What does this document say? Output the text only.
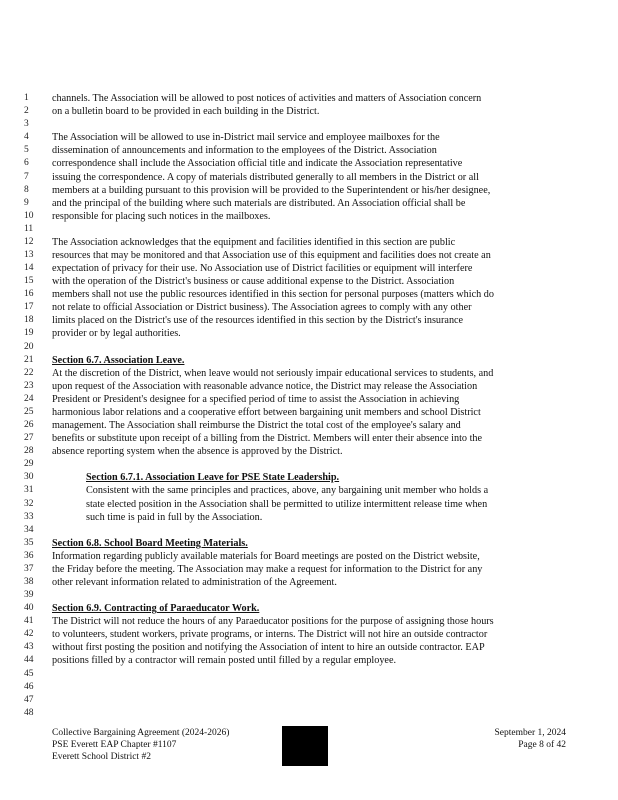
1	channels. The Association will be allowed to post notices of activities and matters of Association concern
2	on a bulletin board to be provided in each building in the District.
3
4	The Association will be allowed to use in-District mail service and employee mailboxes for the
5	dissemination of announcements and information to the employees of the District. Association
6	correspondence shall include the Association official title and indicate the Association representative
7	issuing the correspondence. A copy of materials distributed generally to all members in the District or all
8	members at a building pursuant to this provision will be provided to the Superintendent or his/her designee,
9	and the principal of the building where such materials are distributed. An Association official shall be
10	responsible for placing such notices in the mailboxes.
11
12	The Association acknowledges that the equipment and facilities identified in this section are public
13	resources that may be monitored and that Association use of this equipment and facilities does not create an
14	expectation of privacy for their use. No Association use of District facilities or equipment will interfere
15	with the operation of the District's business or cause additional expense to the District. Association
16	members shall not use the public resources identified in this section for personal purposes (matters which do
17	not relate to official Association or District business). The Association agrees to comply with any other
18	limits placed on the District's use of the resources identified in this section by the District's insurance
19	provider or by legal authorities.
20
21	Section 6.7. Association Leave.
22	At the discretion of the District, when leave would not seriously impair educational services to students, and
23	upon request of the Association with reasonable advance notice, the District may release the Association
24	President or President's designee for a specified period of time to assist the Association in achieving
25	harmonious labor relations and a cooperative effort between bargaining unit members and school District
26	management. The Association shall reimburse the District the total cost of the employee's salary and
27	benefits or substitute upon receipt of a billing from the District. Members will enter their absence into the
28	absence reporting system when the absence is approved by the District.
29
30	Section 6.7.1. Association Leave for PSE State Leadership.
31	Consistent with the same principles and practices, above, any bargaining unit member who holds a
32	state elected position in the Association shall be permitted to utilize intermittent release time when
33	such time is paid in full by the Association.
34
35	Section 6.8. School Board Meeting Materials.
36	Information regarding publicly available materials for Board meetings are posted on the District website,
37	the Friday before the meeting. The Association may make a request for information to the District for any
38	other relevant information related to administration of the Agreement.
39
40	Section 6.9. Contracting of Paraeducator Work.
41	The District will not reduce the hours of any Paraeducator positions for the purpose of assigning those hours
42	to volunteers, student workers, private programs, or interns. The District will not hire an outside contractor
43	without first posting the position and notifying the Association of intent to hire an outside contractor. EAP
44	positions filled by a contractor will remain posted until filled by a regular employee.
45
46
47
48
Collective Bargaining Agreement (2024-2026)
PSE Everett EAP Chapter #1107
Everett School District #2
September 1, 2024
Page 8 of 42
